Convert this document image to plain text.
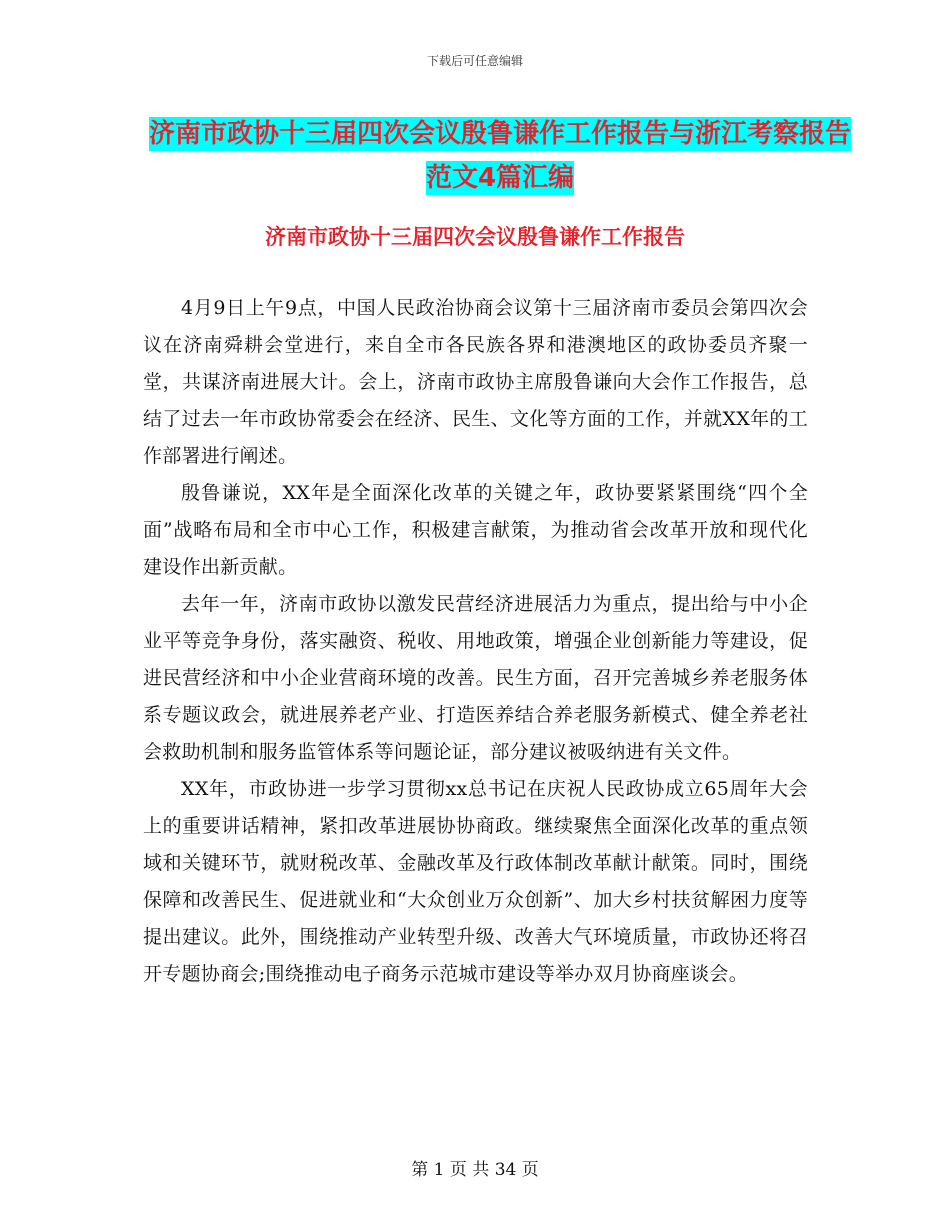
下载后可任意编辑
济南市政协十三届四次会议殷鲁谦作工作报告与浙江考察报告范文4篇汇编
济南市政协十三届四次会议殷鲁谦作工作报告

4月9日上午9点，中国人民政治协商会议第十三届济南市委员会第四次会议在济南舜耕会堂进行，来自全市各民族各界和港澳地区的政协委员齐聚一堂，共谋济南进展大计。会上，济南市政协主席殷鲁谦向大会作工作报告，总结了过去一年市政协常委会在经济、民生、文化等方面的工作，并就XX年的工作部署进行阐述。

殷鲁谦说，XX年是全面深化改革的关键之年，政协要紧紧围绕“四个全面”战略布局和全市中心工作，积极建言献策，为推动省会改革开放和现代化建设作出新贡献。

去年一年，济南市政协以激发民营经济进展活力为重点，提出给与中小企业平等竞争身份，落实融资、税收、用地政策，增强企业创新能力等建设，促进民营经济和中小企业营商环境的改善。民生方面，召开完善城乡养老服务体系专题议政会，就进展养老产业、打造医养结合养老服务新模式、健全养老社会救助机制和服务监管体系等问题论证，部分建议被吸纳进有关文件。

XX年，市政协进一步学习贯彻xx总书记在庆祝人民政协成立65周年大会上的重要讲话精神，紧扣改革进展协协商政。继续聚焦全面深化改革的重点领域和关键环节，就财税改革、金融改革及行政体制改革献计献策。同时，围绕保障和改善民生、促进就业和“大众创业万众创新”、加大乡村扶贫解困力度等提出建议。此外，围绕推动产业转型升级、改善大气环境质量，市政协还将召开专题协商会;围绕推动电子商务示范城市建设等举办双月协商座谈会。

第 1 页 共 34 页
